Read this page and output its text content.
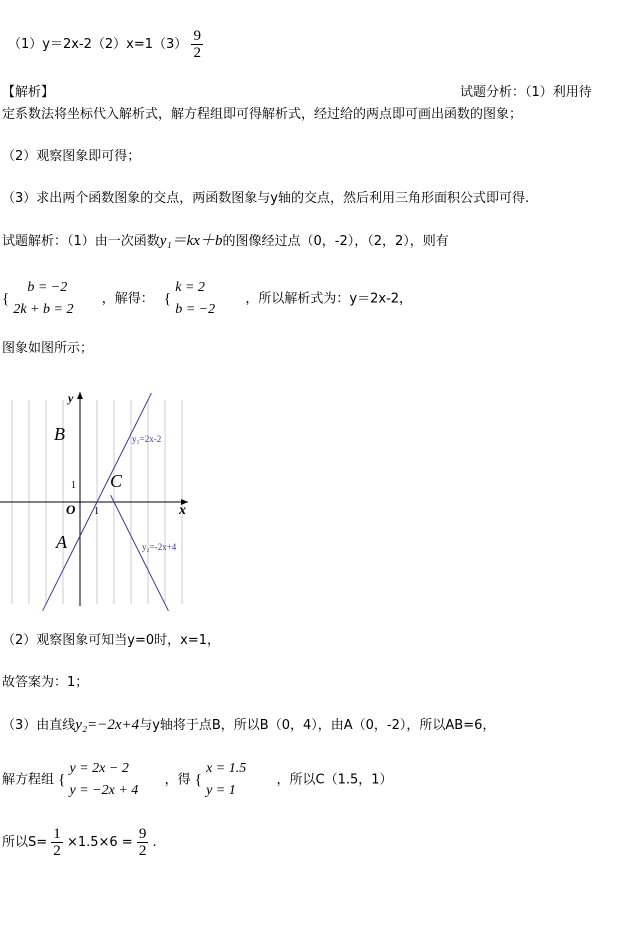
$(1)y=2x-2(2)x=1(3) \frac{9}{2}$
【解析】	试题分析：（1）利用待
定系数法将坐标代入解析式，解方程组即可得解析式，经过给的两点即可画出函数的图象；
（2）观察图象即可得；
（3）求出两个函数图象的交点，两函数图象与y轴的交点，然后利用三角形面积公式即可得.
试题解析：（1）由一次函数y₁＝kx＋b的图像经过点（0，-2），（2，2），则有
{
b = −2
2k + b = 2
，解得： {
k = 2
b = −2
，所以解析式为：y＝2x-2，
图象如图所示；
y
x
O 1
1
B
C
A
y₁=2x-2
y₂=-2x+4
（2）观察图象可知当y=0时，x=1，
故答案为：1；
（3）由直线y₂=−2x+4与y轴将于点B，所以B（0，4），由A（0，-2），所以AB=6，
解方程组 {
y = 2x − 2
y = −2x + 4
，得 {
x = 1.5
y = 1
，所以C（1.5，1）
所以$S= \frac{1}{2} \times 1.5\times 6 = \frac{9}{2}$ .
